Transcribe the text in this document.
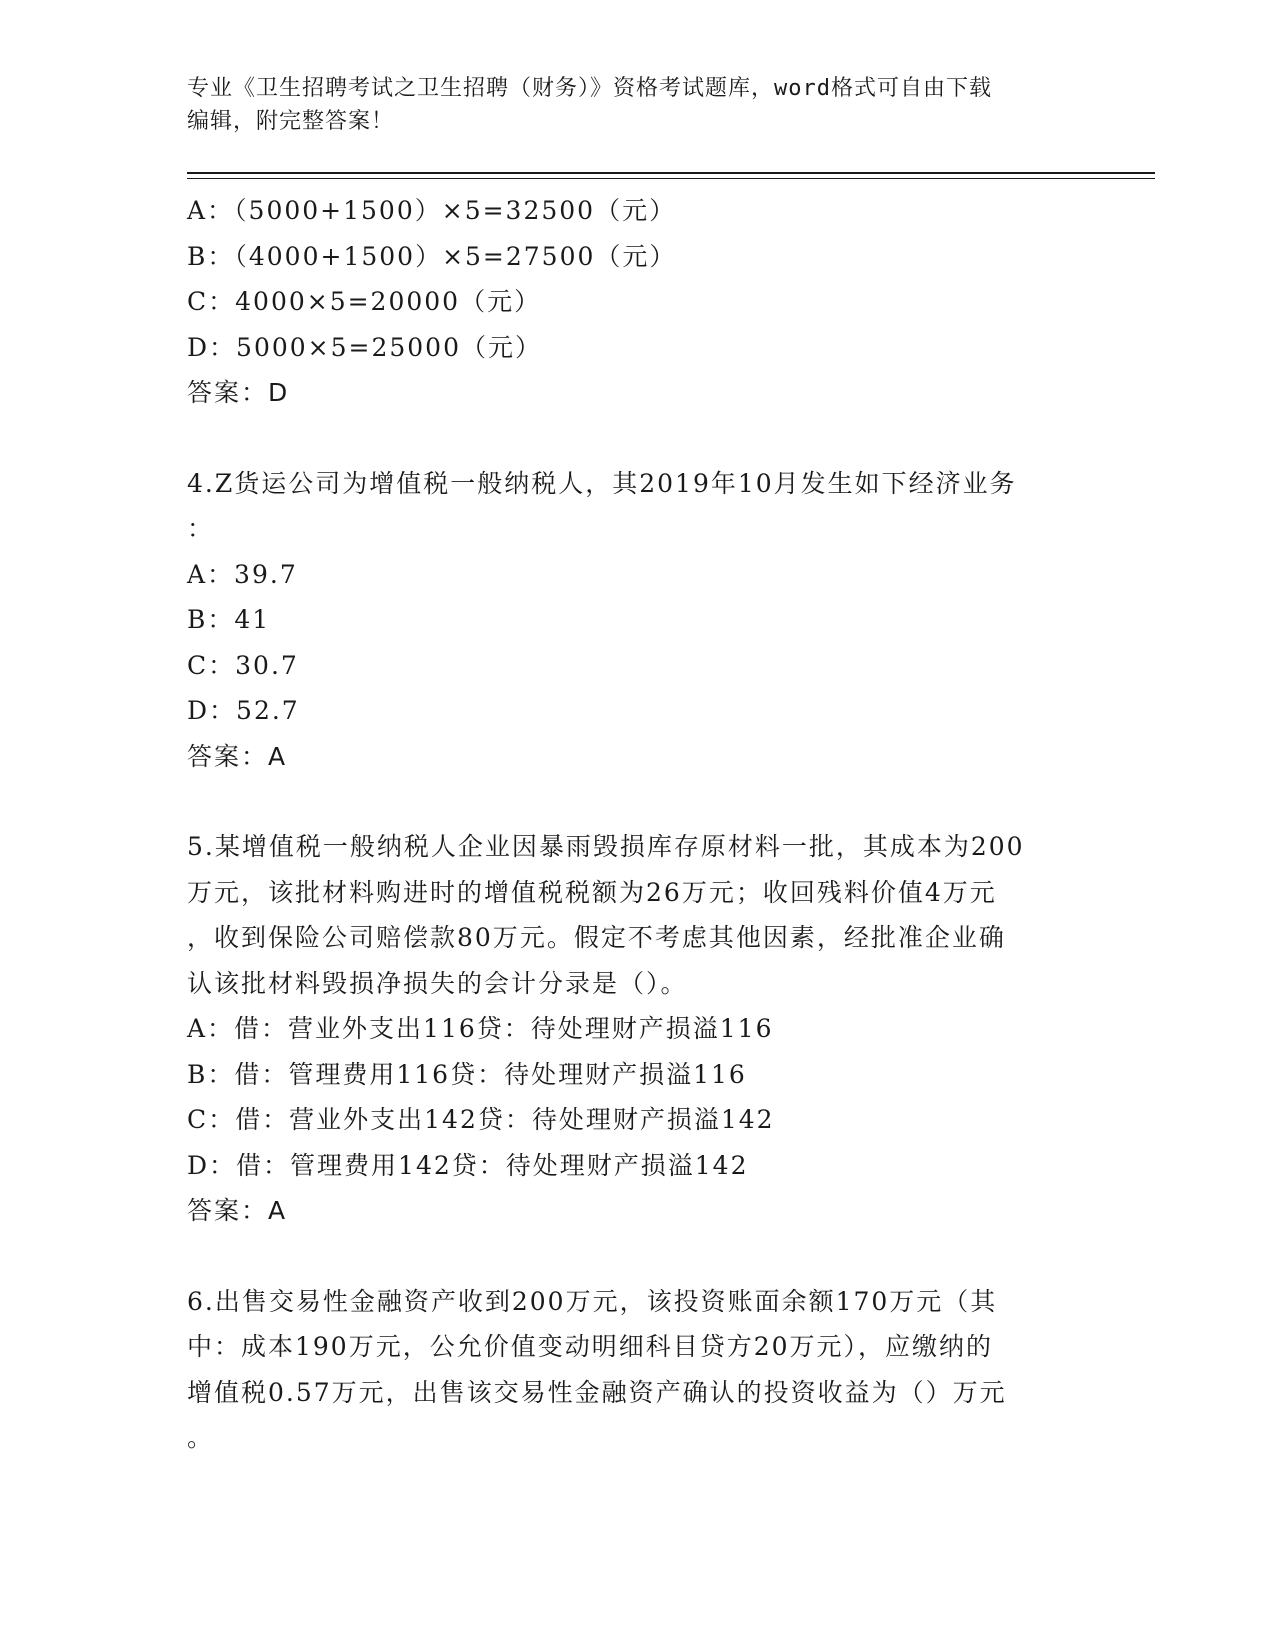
专业《卫生招聘考试之卫生招聘（财务）》资格考试题库，word格式可自由下载
编辑，附完整答案！
A：（5000+1500）×5=32500（元）
B：（4000+1500）×5=27500（元）
C：4000×5=20000（元）
D：5000×5=25000（元）
答案：D
4.Z货运公司为增值税一般纳税人，其2019年10月发生如下经济业务
：
A：39.7
B：41
C：30.7
D：52.7
答案：A
5.某增值税一般纳税人企业因暴雨毁损库存原材料一批，其成本为200
万元，该批材料购进时的增值税税额为26万元；收回残料价值4万元
，收到保险公司赔偿款80万元。假定不考虑其他因素，经批准企业确
认该批材料毁损净损失的会计分录是（）。
A：借：营业外支出116贷：待处理财产损溢116
B：借：管理费用116贷：待处理财产损溢116
C：借：营业外支出142贷：待处理财产损溢142
D：借：管理费用142贷：待处理财产损溢142
答案：A
6.出售交易性金融资产收到200万元，该投资账面余额170万元（其
中：成本190万元，公允价值变动明细科目贷方20万元），应缴纳的
增值税0.57万元，出售该交易性金融资产确认的投资收益为（）万元
。
